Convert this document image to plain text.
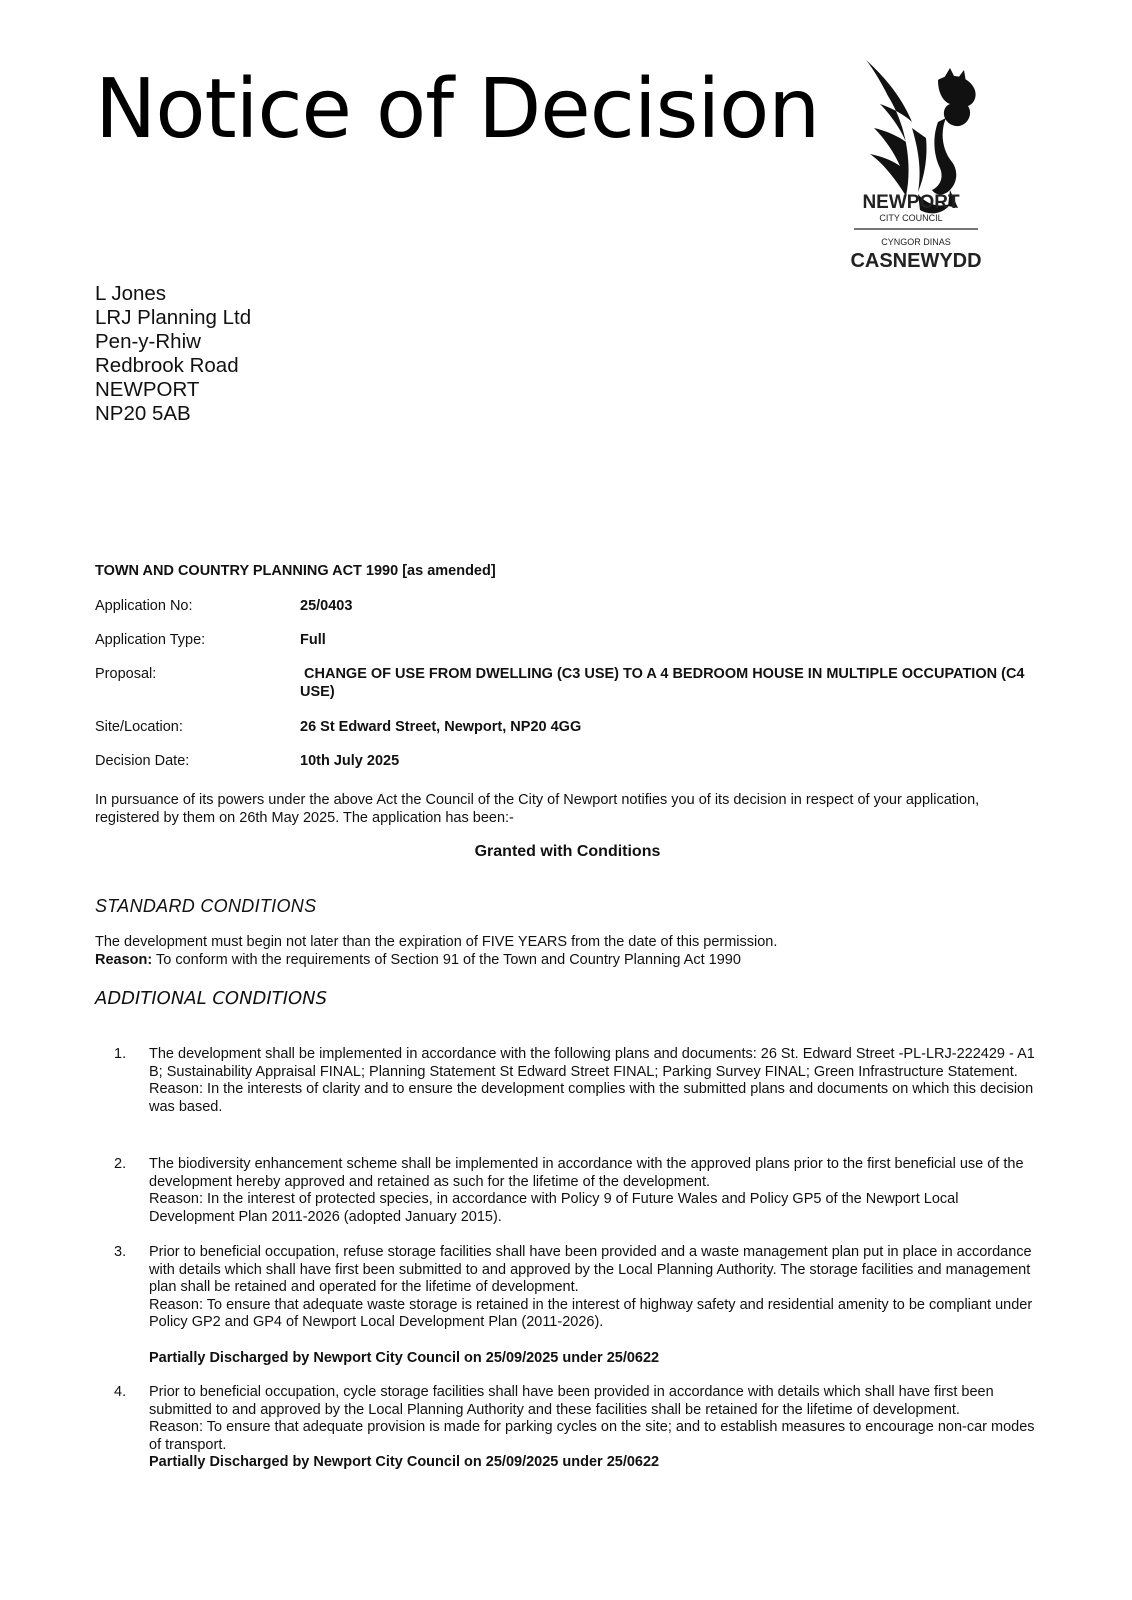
Notice of Decision
NEWPORT
CITY COUNCIL
CYNGOR DINAS
CASNEWYDD
L Jones
LRJ Planning Ltd
Pen-y-Rhiw
Redbrook Road
NEWPORT
NP20 5AB
TOWN AND COUNTRY PLANNING ACT 1990 [as amended]
Application No:	25/0403
Application Type:	Full
Proposal:	CHANGE OF USE FROM DWELLING (C3 USE) TO A 4 BEDROOM HOUSE IN MULTIPLE OCCUPATION (C4 USE)
Site/Location:	26 St Edward Street, Newport, NP20 4GG
Decision Date:	10th July 2025
In pursuance of its powers under the above Act the Council of the City of Newport notifies you of its decision in respect of your application, registered by them on 26th May 2025. The application has been:-
Granted with Conditions
STANDARD CONDITIONS
The development must begin not later than the expiration of FIVE YEARS from the date of this permission.
Reason: To conform with the requirements of Section 91 of the Town and Country Planning Act 1990
ADDITIONAL CONDITIONS
1. The development shall be implemented in accordance with the following plans and documents: 26 St. Edward Street -PL-LRJ-222429 - A1 B; Sustainability Appraisal FINAL; Planning Statement St Edward Street FINAL; Parking Survey FINAL; Green Infrastructure Statement.

Reason: In the interests of clarity and to ensure the development complies with the submitted plans and documents on which this decision was based.

2. The biodiversity enhancement scheme shall be implemented in accordance with the approved plans prior to the first beneficial use of the development hereby approved and retained as such for the lifetime of the development.

Reason: In the interest of protected species, in accordance with Policy 9 of Future Wales and Policy GP5 of the Newport Local Development Plan 2011-2026 (adopted January 2015).

3. Prior to beneficial occupation, refuse storage facilities shall have been provided and a waste management plan put in place in accordance with details which shall have first been submitted to and approved by the Local Planning Authority. The storage facilities and management plan shall be retained and operated for the lifetime of development.

Reason: To ensure that adequate waste storage is retained in the interest of highway safety and residential amenity to be compliant under Policy GP2 and GP4 of Newport Local Development Plan (2011-2026).

Partially Discharged by Newport City Council on 25/09/2025 under 25/0622

4. Prior to beneficial occupation, cycle storage facilities shall have been provided in accordance with details which shall have first been submitted to and approved by the Local Planning Authority and these facilities shall be retained for the lifetime of development.

Reason: To ensure that adequate provision is made for parking cycles on the site; and to establish measures to encourage non-car modes of transport.

Partially Discharged by Newport City Council on 25/09/2025 under 25/0622
